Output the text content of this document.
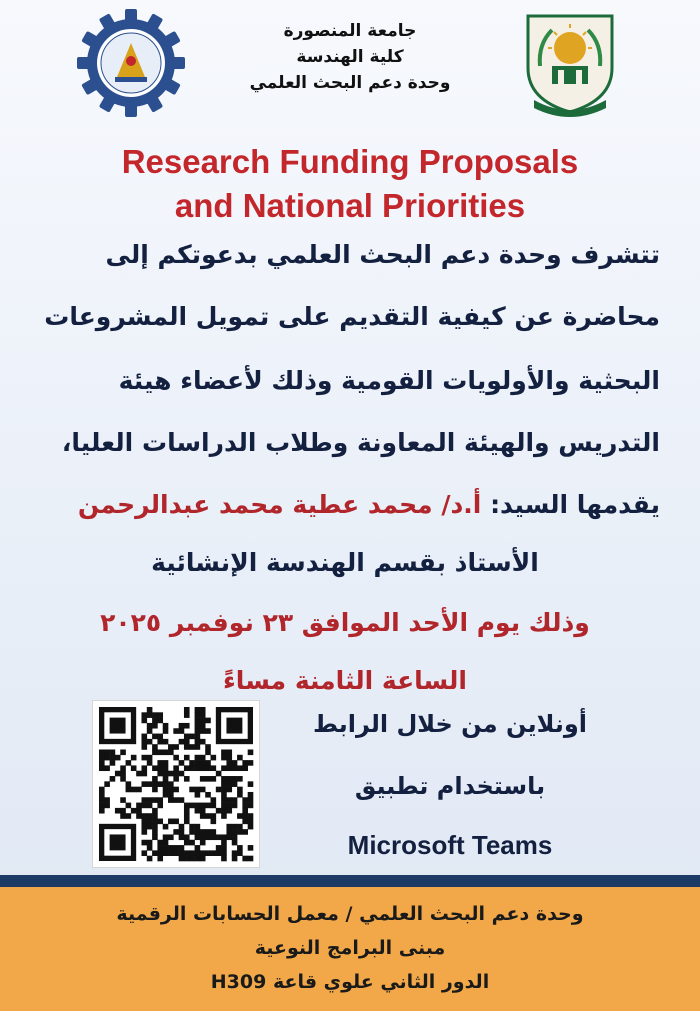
جامعة المنصورة
كلية الهندسة
وحدة دعم البحث العلمي
Research Funding Proposals
and National Priorities
تتشرف وحدة دعم البحث العلمي بدعوتكم إلى
محاضرة عن كيفية التقديم على تمويل المشروعات
البحثية والأولويات القومية وذلك لأعضاء هيئة
التدريس والهيئة المعاونة وطلاب الدراسات العليا،
يقدمها السيد: أ.د/ محمد عطية محمد عبدالرحمن
الأستاذ بقسم الهندسة الإنشائية
وذلك يوم الأحد الموافق ٢٣ نوفمبر ٢٠٢٥
الساعة الثامنة مساءً
أونلاين من خلال الرابط
باستخدام تطبيق
Microsoft Teams
وحدة دعم البحث العلمي / معمل الحسابات الرقمية
مبنى البرامج النوعية
الدور الثاني علوي قاعة H309
